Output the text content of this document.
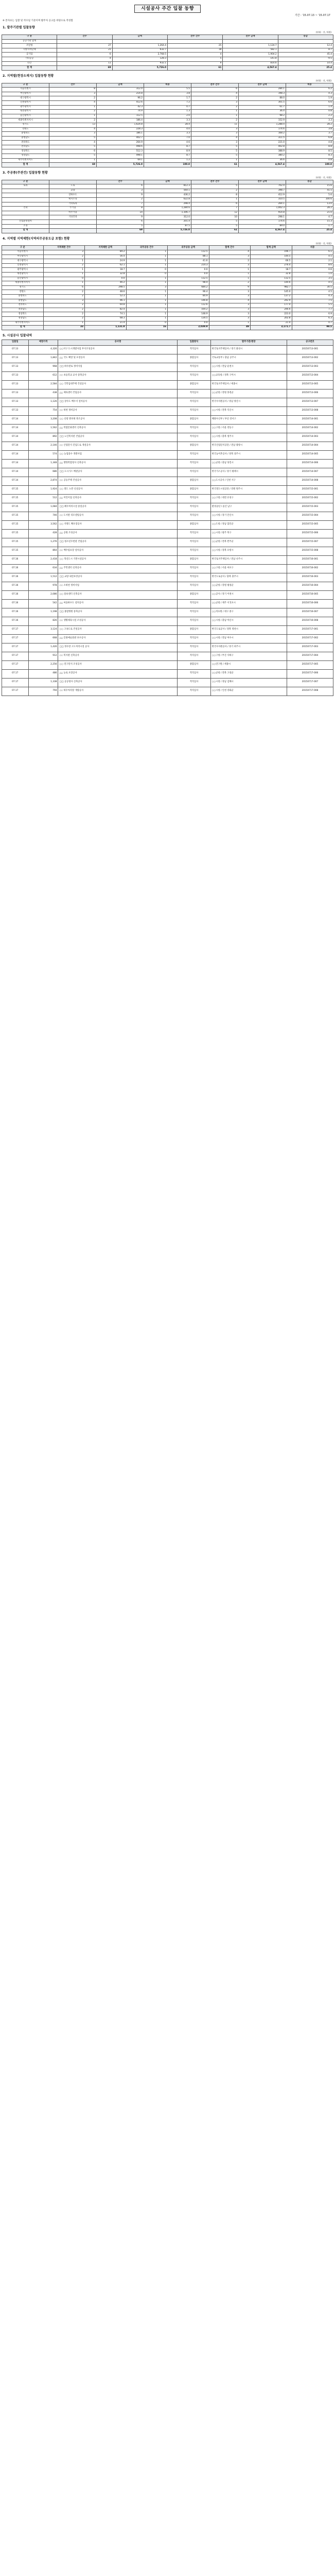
시설공사 주간 입찰 동향
기간 : '15.07.13 ~ '15.07.17
※ 본자료는 입찰 및 착수일 기준이며 발주처 공고를 바탕으로 작성함
1. 발주기관별 입찰동향
(단위 : 건, 억원)
구 분	건수	금액	전주 건수	전주 금액	증감
공공기관 합계					
조달청	27	1,264.4	25	1,124.7	12.4
지방자치단체	21	632.7	18	582.1	8.7
공기업	6	2,768.5	4	1,904.2	45.4
기타공공	4	128.3	5	141.8	-9.5
민간	11	932.1	9	814.6	14.4
합 계	69	5,726.0	61	4,567.4	25.4
2. 지역별(현장소재지) 입찰동향 현황
(단위 : 건, 억원)
구 분	건수	금액	비중	전주 건수	전주 금액	비중
서울특별시	8	312.4	5.5	6	284.1	6.2
부산광역시	3	214.8	3.8	4	198.3	4.3
대구광역시	2	96.2	1.7	2	88.0	1.9
인천광역시	4	412.6	7.2	3	301.5	6.6
광주광역시	1	42.3	0.7	2	61.7	1.4
대전광역시	2	74.9	1.3	1	36.4	0.8
울산광역시	1	112.5	2.0	1	98.2	2.2
세종특별자치시	2	186.4	3.3	2	152.9	3.3
경기도	13	1,624.8	28.4	11	1,288.4	28.2
강원도	4	228.3	4.0	3	174.6	3.8
충청북도	3	186.1	3.3	3	168.2	3.7
충청남도	5	402.7	7.0	4	311.5	6.8
전라북도	4	264.9	4.6	3	221.0	4.8
전라남도	5	498.6	8.7	5	402.8	8.8
경상북도	6	512.3	8.9	5	388.9	8.5
경상남도	5	498.1	8.7	5	380.2	8.3
제주특별자치도	1	69.1	1.2	1	36.6	0.8
합 계	69	5,726.0	100.0	61	4,567.4	100.0
3. 주공종(주관건) 입찰동향 현황
(단위 : 건, 억원)
구 분		건수	금액	전주 건수	전주 금액	증감
토목	도로	6	812.3	5	702.4	15.6
	교량	3	564.1	2	398.7	41.5
	상하수도	9	436.2	8	412.9	5.6
	택지조성	2	622.8	1	310.5	100.6
	기타토목	7	298.4	6	264.1	13.0
건축	주거용	8	1,284.6	7	1,002.3	28.2
	비주거용	14	1,106.7	12	914.8	21.0
	기타건축	9	312.0	10	298.1	4.7
산업환경설비		6	201.4	5	174.6	15.3
조경		5	87.5	5	89.0	-1.7
합 계		69	5,726.0	61	4,567.4	25.4
4. 지역별 지역제한(지역의무공동도급 포함) 현황
(단위 : 건, 억원)
구 분	지역제한 건수	지역제한 금액	의무공동 건수	의무공동 금액	합계 건수	합계 금액	비중
서울특별시	3	84.2	1	112.5	4	196.7	6.1
부산광역시	2	56.4	1	88.1	3	144.5	4.5
대구광역시	1	24.9	1	41.6	2	66.5	2.1
인천광역시	2	62.1	1	214.3	3	276.4	8.6
광주광역시	1	18.7	0	0.0	1	18.7	0.6
대전광역시	1	32.8	0	0.0	1	32.8	1.0
울산광역시	0	0.0	1	112.5	1	112.5	3.5
세종특별자치시	1	46.2	1	98.4	2	144.6	4.5
경기도	6	298.5	3	684.2	9	982.7	30.5
강원도	2	48.6	1	96.4	3	145.0	4.5
충청북도	2	52.3	1	84.9	3	137.2	4.3
충청남도	3	96.1	1	146.8	4	242.9	7.5
전라북도	2	64.8	1	112.6	3	177.4	5.5
전라남도	2	82.4	1	164.2	3	246.6	7.7
경상북도	2	74.1	1	148.9	3	223.0	6.9
경상남도	2	68.3	1	134.5	3	202.8	6.3
제주특별자치도	1	21.4	0	0.0	1	21.4	0.7
합 계	33	1,131.8	16	2,039.9	49	3,171.7	98.5
5. 시설공사 입찰내역
입찰일	예정가격	공사명	입찰방식	발주기관/현장	공고번호
07.13	4,326	○○지구 도시개발사업 부지조성공사	적격심사	한국토지주택공사 / 경기 화성시	20150713-001
07.13	1,842	△△ 국도 확장 및 포장공사	종합심사	국토교통부 / 충남 공주시	20150713-002
07.13	968	□□ 하수관로 정비사업	적격심사	○○시청 / 전남 순천시	20150713-003
07.13	612	◇◇ 초등학교 교사 증축공사	적격심사	○○교육청 / 경북 구미시	20150713-004
07.13	2,584	○○ 국민임대주택 건설공사	종합심사	한국토지주택공사 / 세종시	20150713-005
07.13	438	△△ 체육센터 건립공사	적격심사	○○군청 / 강원 홍천군	20150713-006
07.13	1,126	□□ 상수도 배수지 설치공사	적격심사	한국수자원공사 / 경남 양산시	20150713-007
07.13	754	◇◇ 하천 정비공사	적격심사	○○시청 / 전북 익산시	20150713-008
07.14	3,208	○○ 신항 방파제 축조공사	종합심사	해양수산부 / 부산 강서구	20150714-001
07.14	1,562	△△ 복합문화센터 신축공사	적격심사	○○구청 / 서울 강동구	20150714-002
07.14	892	□□ 노인복지관 건립공사	적격심사	○○시청 / 충북 청주시	20150714-003
07.14	2,146	◇◇ 산업단지 진입도로 개설공사	종합심사	한국산업단지공단 / 전남 광양시	20150714-004
07.14	574	○○ 농업용수 개발사업	적격심사	한국농어촌공사 / 경북 상주시	20150714-005
07.14	1,348	△△ 행정복합청사 신축공사	적격심사	○○군청 / 충남 당진시	20150714-006
07.14	686	□□ 도시가스 배관공사	적격심사	한국가스공사 / 경기 평택시	20150714-007
07.14	2,874	◇◇ 공동주택 건설공사	종합심사	○○도시공사 / 인천 서구	20150714-008
07.15	1,924	○○ 철도 노반 신설공사	종합심사	한국철도시설공단 / 강원 원주시	20150715-001
07.15	512	△△ 어린이집 신축공사	적격심사	○○구청 / 대전 유성구	20150715-002
07.15	1,084	□□ 폐수처리시설 증설공사	적격심사	환경공단 / 울산 남구	20150715-003
07.15	746	◇◇ 도서관 리모델링공사	적격심사	○○시청 / 경기 안산시	20150715-004
07.15	3,562	○○ 지방도 확포장공사	종합심사	○○도청 / 경남 함안군	20150715-005
07.15	428	△△ 공원 조성공사	적격심사	○○시청 / 광주 북구	20150715-006
07.15	1,276	□□ 청소년수련관 건립공사	적격심사	○○군청 / 전북 완주군	20150715-007
07.15	864	◇◇ 배수펌프장 설치공사	적격심사	○○시청 / 경북 포항시	20150715-008
07.16	2,418	○○ 혁신도시 기반시설공사	종합심사	한국토지주택공사 / 전남 나주시	20150716-001
07.16	634	△△ 주민센터 신축공사	적격심사	○○구청 / 서울 마포구	20150716-002
07.16	1,512	□□ 교량 내진보강공사	적격심사	한국도로공사 / 충북 충주시	20150716-003
07.16	978	◇◇ 소하천 정비사업	적격심사	○○군청 / 강원 평창군	20150716-004
07.16	2,086	○○ 물류센터 신축공사	종합심사	○○공사 / 경기 이천시	20150716-005
07.16	542	△△ 마을하수도 설치공사	적격심사	○○군청 / 제주 서귀포시	20150716-006
07.16	1,198	□□ 종합병원 증축공사	적격심사	○○의료원 / 대구 중구	20150716-007
07.16	826	◇◇ 생활체육시설 조성공사	적격심사	○○시청 / 충남 아산시	20150716-008
07.17	3,124	○○ 고속도로 건설공사	종합심사	한국도로공사 / 경북 영천시	20150717-001
07.17	668	△△ 문화예술회관 보수공사	적격심사	○○시청 / 전남 여수시	20150717-002
07.17	1,426	□□ 정수장 고도처리시설 공사	적격심사	한국수자원공사 / 경기 파주시	20150717-003
07.17	912	◇◇ 복지관 신축공사	적격심사	○○구청 / 부산 사하구	20150717-004
07.17	2,256	○○ 연구단지 조성공사	종합심사	○○연구원 / 세종시	20150717-005
07.17	486	△△ 농로 포장공사	적격심사	○○군청 / 전북 고창군	20150717-006
07.17	1,338	□□ 공공청사 신축공사	적격심사	○○시청 / 경남 김해시	20150717-007
07.17	794	◇◇ 하수처리장 개량공사	적격심사	○○시청 / 인천 강화군	20150717-008
